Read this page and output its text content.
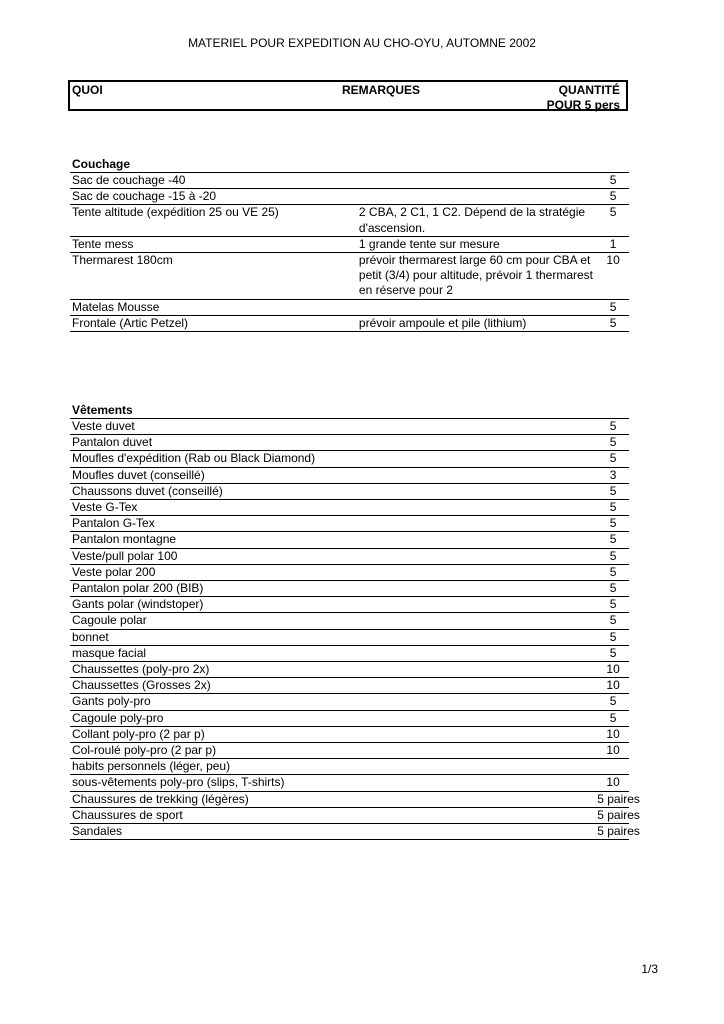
MATERIEL POUR EXPEDITION AU CHO-OYU, AUTOMNE 2002
QUOI	REMARQUES	QUANTITÉ
POUR 5 pers
Couchage
Sac de couchage -40		5
Sac de couchage -15 à -20		5
Tente altitude (expédition 25 ou VE 25)	2 CBA, 2 C1, 1 C2. Dépend de la stratégie d'ascension.	5
Tente mess	1 grande tente sur mesure	1
Thermarest 180cm	prévoir thermarest large 60 cm pour CBA et petit (3/4) pour altitude, prévoir 1 thermarest en réserve pour 2	10
Matelas Mousse		5
Frontale (Artic Petzel)	prévoir ampoule et pile (lithium)	5
Vêtements
Veste duvet		5
Pantalon duvet		5
Moufles d'expédition (Rab ou Black Diamond)		5
Moufles duvet (conseillé)		3
Chaussons duvet (conseillé)		5
Veste G-Tex		5
Pantalon G-Tex		5
Pantalon montagne		5
Veste/pull polar 100		5
Veste polar 200		5
Pantalon polar 200 (BIB)		5
Gants polar (windstoper)		5
Cagoule polar		5
bonnet		5
masque facial		5
Chaussettes (poly-pro 2x)		10
Chaussettes (Grosses 2x)		10
Gants poly-pro		5
Cagoule poly-pro		5
Collant poly-pro (2 par p)		10
Col-roulé poly-pro (2 par p)		10
habits personnels (léger, peu)		
sous-vêtements poly-pro (slips, T-shirts)		10
Chaussures de trekking (légères)		5 paires
Chaussures de sport		5 paires
Sandales		5 paires
1/3
